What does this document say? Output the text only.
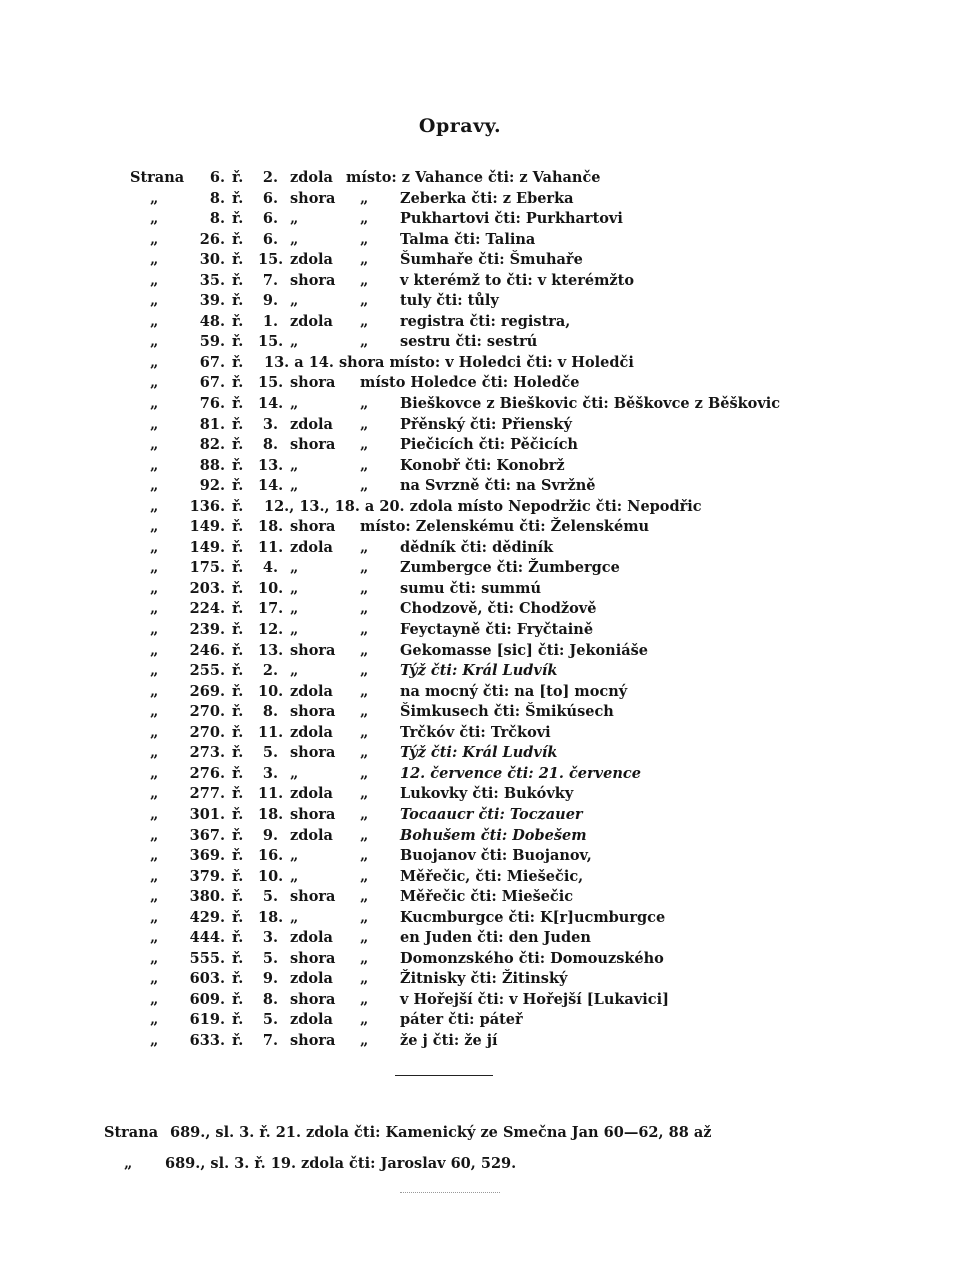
Opravy.
Strana	6. ř.	2. zdola místo: z Vahance čti: z Vahanče
„	8. ř.	6. shora „ Zeberka čti: z Eberka
„	8. ř.	6. „	„ Pukhartovi čti: Purkhartovi
„	26. ř.	6. „	„ Talma čti: Talina
„	30. ř. 15. zdola „ Šumhaře čti: Šmuhaře
„	35. ř.	7. shora „ v kterémž to čti: v kterémžto
„	39. ř.	9. „	„ tuly čti: tůly
„	48. ř.	1. zdola „ registra čti: registra,
„	59. ř. 15. „	„ sestru čti: sestrú
„	67. ř. 13. a 14. shora místo: v Holedci čti: v Holedči
„	67. ř. 15. shora místo Holedce čti: Holedče
„	76. ř. 14. „	„ Bieškovce z Bieškovic čti: Běškovce z Běškovic
„	81. ř.	3. zdola „ Přěnský čti: Přienský
„	82. ř.	8. shora „ Piečicích čti: Pěčicích
„	88. ř. 13. „	„ Konobř čti: Konobrž
„	92. ř. 14. „	„ na Svrzně čti: na Svržně
„	136. ř. 12., 13., 18. a 20. zdola místo Nepodržic čti: Nepodřic
„	149. ř. 18. shora místo: Zelenskému čti: Želenskému
„	149. ř. 11. zdola „ dědník čti: dědiník
„	175. ř.	4. „	„ Zumbergce čti: Žumbergce
„	203. ř. 10. „	„ sumu čti: summú
„	224. ř. 17. „	„ Chodzově, čti: Chodžově
„	239. ř. 12. „	„ Feyctayně čti: Fryčtaině
„	246. ř. 13. shora „ Gekomasse [sic] čti: Jekoniáše
„	255. ř.	2. „	„ Týž čti: Král Ludvík
„	269. ř. 10. zdola „ na mocný čti: na [to] mocný
„	270. ř.	8. shora „ Šimkusech čti: Šmikúsech
„	270. ř. 11. zdola „ Trčkóv čti: Trčkovi
„	273. ř.	5. shora „ Týž čti: Král Ludvík
„	276. ř.	3. „	„ 12. července čti: 21. července
„	277. ř. 11. zdola „ Lukovky čti: Bukóvky
„	301. ř. 18. shora „ Tocaaucr čti: Toczauer
„	367. ř.	9. zdola „ Bohušem čti: Dobešem
„	369. ř. 16. „	„ Buojanov čti: Buojanov,
„	379. ř. 10. „	„ Měřečic, čti: Miešečic,
„	380. ř.	5. shora „ Měřečic čti: Miešečic
„	429. ř. 18. „	„ Kucmburgce čti: K[r]ucmburgce
„	444. ř.	3. zdola „ en Juden čti: den Juden
„	555. ř.	5. shora „ Domonzského čti: Domouzského
„	603. ř.	9. zdola „ Žitnisky čti: Žitinský
„	609. ř.	8. shora „ v Hořejší čti: v Hořejší [Lukavici]
„	619. ř.	5. zdola „ páter čti: páteř
„	633. ř.	7. shora „ že j čti: že jí
Strana 689., sl. 3. ř. 21. zdola čti: Kamenický ze Smečna Jan 60—62, 88 až
„ 689., sl. 3. ř. 19. zdola čti: Jaroslav 60, 529.
